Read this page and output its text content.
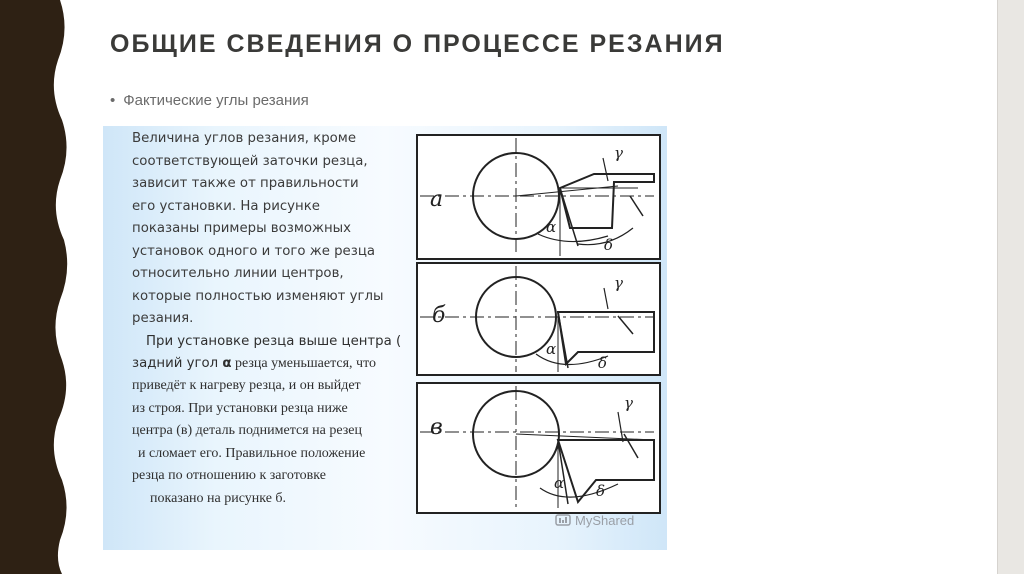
ОБЩИЕ СВЕДЕНИЯ О ПРОЦЕССЕ РЕЗАНИЯ
• Фактические углы резания

Величина углов резания, кроме
соответствующей заточки резца,
зависит также от правильности
его установки. На рисунке
показаны примеры возможных
установок одного и того же резца
относительно линии центров,
которые полностью изменяют углы
резания.

При установке резца выше центра (
задний угол α резца уменьшается, что
приведёт к нагреву резца, и он выйдет
из строя. При установки резца ниже
центра (в) деталь поднимется на резец
и сломает его. Правильное положение
резца по отношению к заготовке
показано на рисунке б.

а
α
γ
δ
б
α
γ
δ
в
α
γ
δ
MyShared
